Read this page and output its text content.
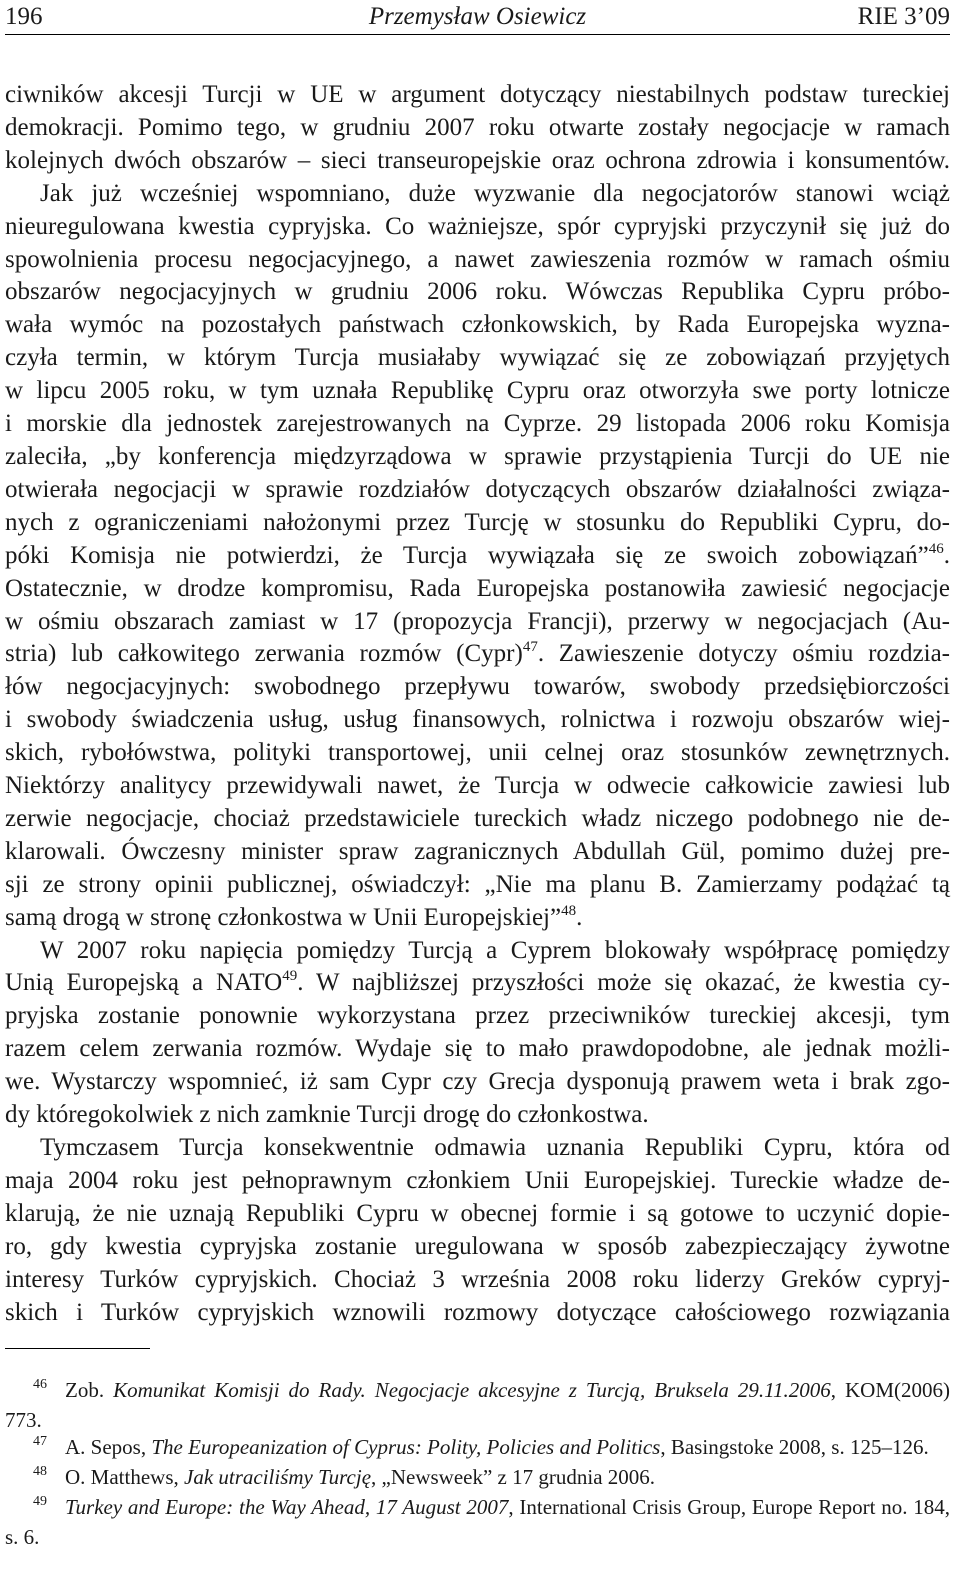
196	Przemysław Osiewicz	RIE 3’09

ciwników akcesji Turcji w UE w argument dotyczący niestabilnych podstaw tureckiej
demokracji. Pomimo tego, w grudniu 2007 roku otwarte zostały negocjacje w ramach
kolejnych dwóch obszarów – sieci transeuropejskie oraz ochrona zdrowia i konsumentów.
Jak już wcześniej wspomniano, duże wyzwanie dla negocjatorów stanowi wciąż
nieuregulowana kwestia cypryjska. Co ważniejsze, spór cypryjski przyczynił się już do
spowolnienia procesu negocjacyjnego, a nawet zawieszenia rozmów w ramach ośmiu
obszarów negocjacyjnych w grudniu 2006 roku. Wówczas Republika Cypru próbo-
wała wymóc na pozostałych państwach członkowskich, by Rada Europejska wyzna-
czyła termin, w którym Turcja musiałaby wywiązać się ze zobowiązań przyjętych
w lipcu 2005 roku, w tym uznała Republikę Cypru oraz otworzyła swe porty lotnicze
i morskie dla jednostek zarejestrowanych na Cyprze. 29 listopada 2006 roku Komisja
zaleciła, „by konferencja międzyrządowa w sprawie przystąpienia Turcji do UE nie
otwierała negocjacji w sprawie rozdziałów dotyczących obszarów działalności związa-
nych z ograniczeniami nałożonymi przez Turcję w stosunku do Republiki Cypru, do-
póki Komisja nie potwierdzi, że Turcja wywiązała się ze swoich zobowiązań”$^{46}$.
Ostatecznie, w drodze kompromisu, Rada Europejska postanowiła zawiesić negocjacje
w ośmiu obszarach zamiast w 17 (propozycja Francji), przerwy w negocjacjach (Au-
stria) lub całkowitego zerwania rozmów (Cypr)$^{47}$. Zawieszenie dotyczy ośmiu rozdzia-
łów negocjacyjnych: swobodnego przepływu towarów, swobody przedsiębiorczości
i swobody świadczenia usług, usług finansowych, rolnictwa i rozwoju obszarów wiej-
skich, rybołówstwa, polityki transportowej, unii celnej oraz stosunków zewnętrznych.
Niektórzy analitycy przewidywali nawet, że Turcja w odwecie całkowicie zawiesi lub
zerwie negocjacje, chociaż przedstawiciele tureckich władz niczego podobnego nie de-
klarowali. Ówczesny minister spraw zagranicznych Abdullah Gül, pomimo dużej pre-
sji ze strony opinii publicznej, oświadczył: „Nie ma planu B. Zamierzamy podążać tą
samą drogą w stronę członkostwa w Unii Europejskiej”$^{48}$.

W 2007 roku napięcia pomiędzy Turcją a Cyprem blokowały współpracę pomiędzy
Unią Europejską a NATO$^{49}$. W najbliższej przyszłości może się okazać, że kwestia cy-
pryjska zostanie ponownie wykorzystana przez przeciwników tureckiej akcesji, tym
razem celem zerwania rozmów. Wydaje się to mało prawdopodobne, ale jednak możli-
we. Wystarczy wspomnieć, iż sam Cypr czy Grecja dysponują prawem weta i brak zgo-
dy któregokolwiek z nich zamknie Turcji drogę do członkostwa.

Tymczasem Turcja konsekwentnie odmawia uznania Republiki Cypru, która od
maja 2004 roku jest pełnoprawnym członkiem Unii Europejskiej. Tureckie władze de-
klarują, że nie uznają Republiki Cypru w obecnej formie i są gotowe to uczynić dopie-
ro, gdy kwestia cypryjska zostanie uregulowana w sposób zabezpieczający żywotne
interesy Turków cypryjskich. Chociaż 3 września 2008 roku liderzy Greków cypryj-
skich i Turków cypryjskich wznowili rozmowy dotyczące całościowego rozwiązania

$^{46}$ Zob. Komunikat Komisji do Rady. Negocjacje akcesyjne z Turcją, Bruksela 29.11.2006, KOM(2006) 773.

$^{47}$ A. Sepos, The Europeanization of Cyprus: Polity, Policies and Politics, Basingstoke 2008, s. 125–126.

$^{48}$ O. Matthews, Jak utraciliśmy Turcję, „Newsweek” z 17 grudnia 2006.

$^{49}$ Turkey and Europe: the Way Ahead, 17 August 2007, International Crisis Group, Europe Report no. 184, s. 6.
